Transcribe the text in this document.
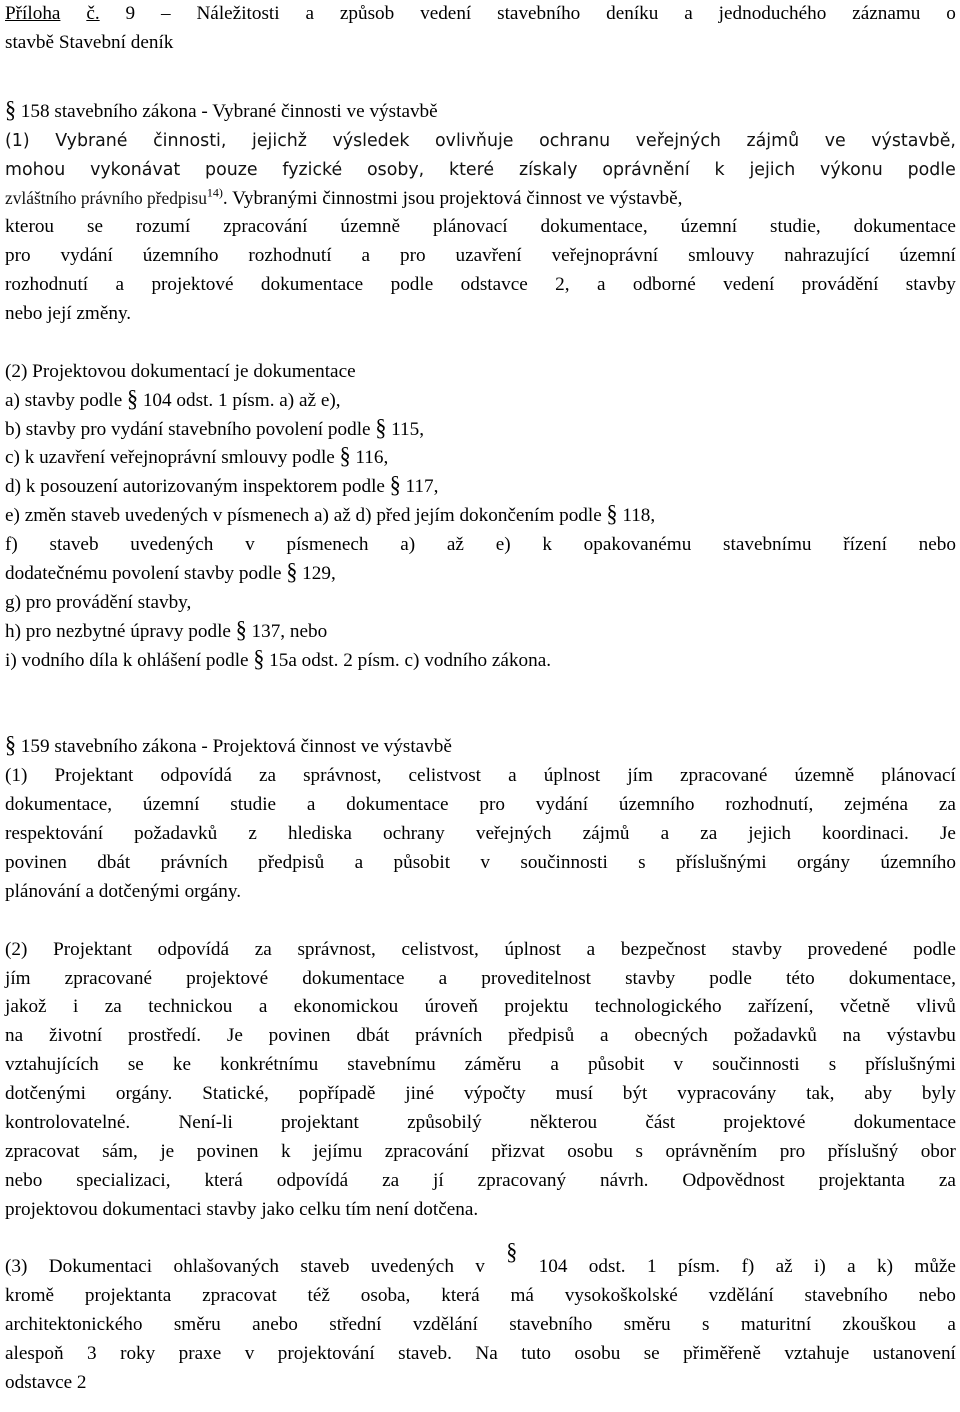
Příloha č. 9 – Náležitosti a způsob vedení stavebního deníku a jednoduchého záznamu o
stavbě Stavební deník
§ 158 stavebního zákona - Vybrané činnosti ve výstavbě
(1) Vybrané činnosti, jejichž výsledek ovlivňuje ochranu veřejných zájmů ve výstavbě,
mohou vykonávat pouze fyzické osoby, které získaly oprávnění k jejich výkonu podle
zvláštního právního předpisu$^{14)}$. Vybranými činnostmi jsou projektová činnost ve výstavbě,
kterou se rozumí zpracování územně plánovací dokumentace, územní studie, dokumentace
pro vydání územního rozhodnutí a pro uzavření veřejnoprávní smlouvy nahrazující územní
rozhodnutí a projektové dokumentace podle odstavce 2, a odborné vedení provádění stavby
nebo její změny.
(2) Projektovou dokumentací je dokumentace
a) stavby podle § 104 odst. 1 písm. a) až e),
b) stavby pro vydání stavebního povolení podle § 115,
c) k uzavření veřejnoprávní smlouvy podle § 116,
d) k posouzení autorizovaným inspektorem podle § 117,
e) změn staveb uvedených v písmenech a) až d) před jejím dokončením podle § 118,
f) staveb uvedených v písmenech a) až e) k opakovanému stavebnímu řízení nebo
dodatečnému povolení stavby podle § 129,
g) pro provádění stavby,
h) pro nezbytné úpravy podle § 137, nebo
i) vodního díla k ohlášení podle § 15a odst. 2 písm. c) vodního zákona.
§ 159 stavebního zákona - Projektová činnost ve výstavbě
(1) Projektant odpovídá za správnost, celistvost a úplnost jím zpracované územně plánovací
dokumentace, územní studie a dokumentace pro vydání územního rozhodnutí, zejména za
respektování požadavků z hlediska ochrany veřejných zájmů a za jejich koordinaci. Je
povinen dbát právních předpisů a působit v součinnosti s příslušnými orgány územního
plánování a dotčenými orgány.
(2) Projektant odpovídá za správnost, celistvost, úplnost a bezpečnost stavby provedené podle
jím zpracované projektové dokumentace a proveditelnost stavby podle této dokumentace,
jakož i za technickou a ekonomickou úroveň projektu technologického zařízení, včetně vlivů
na životní prostředí. Je povinen dbát právních předpisů a obecných požadavků na výstavbu
vztahujících se ke konkrétnímu stavebnímu záměru a působit v součinnosti s příslušnými
dotčenými orgány. Statické, popřípadě jiné výpočty musí být vypracovány tak, aby byly
kontrolovatelné.	Není-li	projektant	způsobilý	některou	část	projektové	dokumentace
zpracovat sám, je povinen k jejímu zpracování přizvat osobu s oprávněním pro příslušný obor
nebo specializaci, která odpovídá za jí zpracovaný návrh. Odpovědnost projektanta za
projektovou dokumentaci stavby jako celku tím není dotčena.
(3) Dokumentaci ohlašovaných staveb uvedených v
§
104 odst. 1 písm. f) až i) a k) může
kromě projektanta zpracovat též osoba, která má vysokoškolské vzdělání stavebního nebo
architektonického směru anebo střední vzdělání stavebního směru s maturitní zkouškou a
alespoň 3 roky praxe v projektování staveb. Na tuto osobu se přiměřeně vztahuje ustanovení
odstavce 2
